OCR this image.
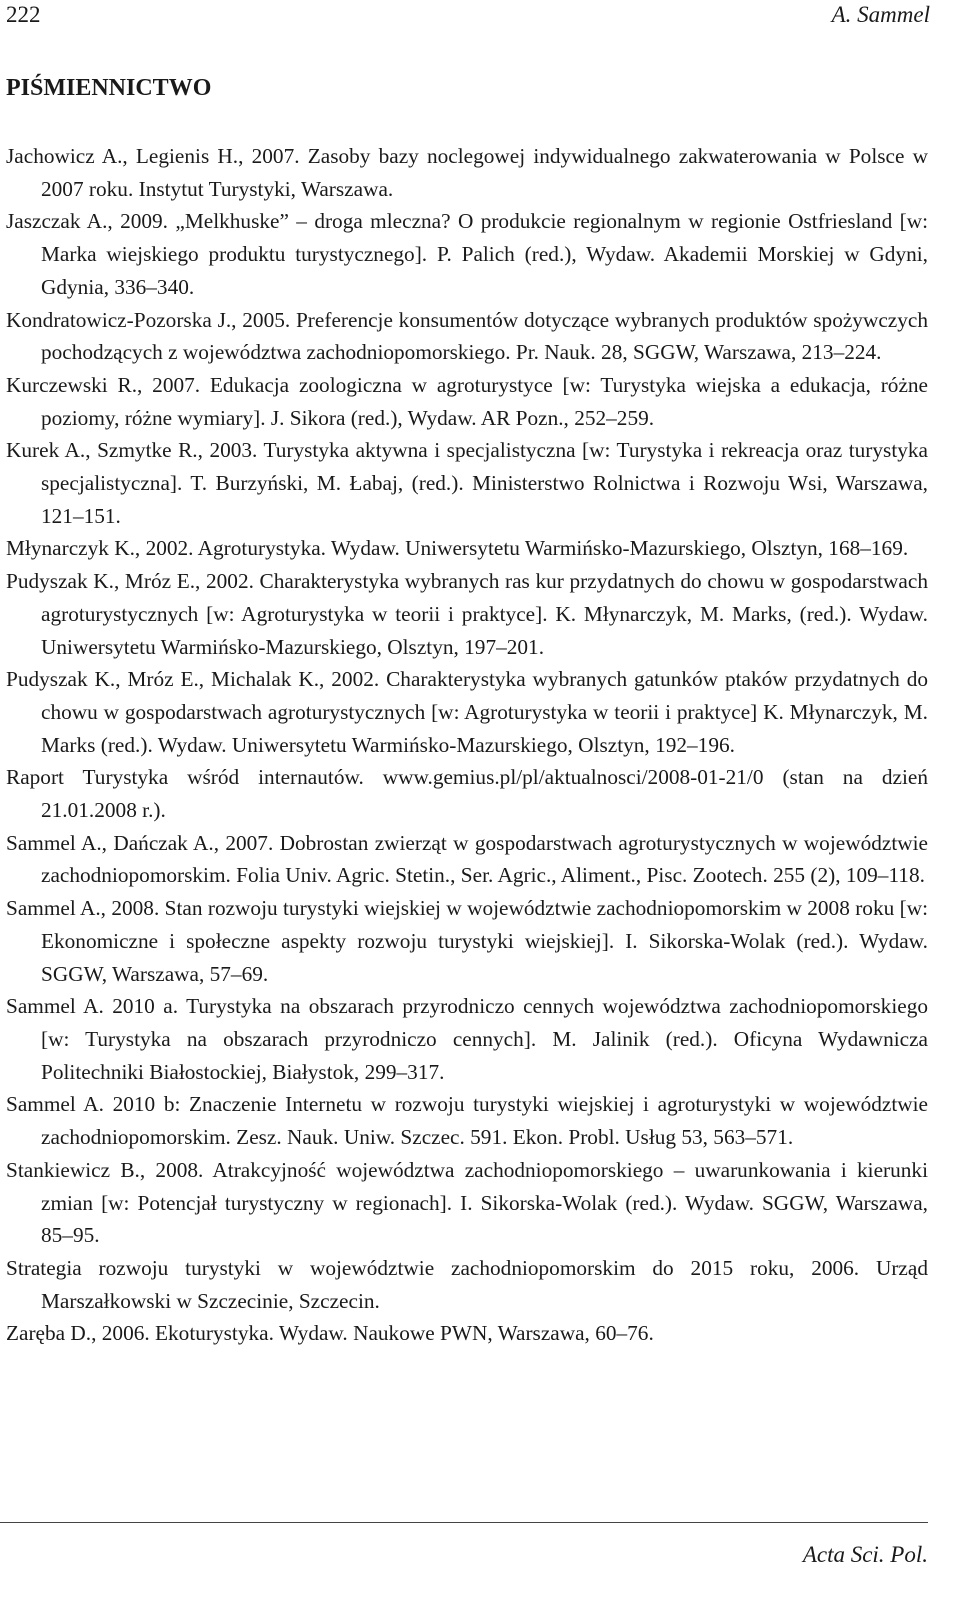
222	A. Sammel
PIŚMIENNICTWO
Jachowicz A., Legienis H., 2007. Zasoby bazy noclegowej indywidualnego zakwaterowania w Polsce w 2007 roku. Instytut Turystyki, Warszawa.
Jaszczak A., 2009. „Melkhuske” – droga mleczna? O produkcie regionalnym w regionie Ostfriesland [w: Marka wiejskiego produktu turystycznego]. P. Palich (red.), Wydaw. Akademii Morskiej w Gdyni, Gdynia, 336–340.
Kondratowicz-Pozorska J., 2005. Preferencje konsumentów dotyczące wybranych produktów spożywczych pochodzących z województwa zachodniopomorskiego. Pr. Nauk. 28, SGGW, Warszawa, 213–224.
Kurczewski R., 2007. Edukacja zoologiczna w agroturystyce [w: Turystyka wiejska a edukacja, różne poziomy, różne wymiary]. J. Sikora (red.), Wydaw. AR Pozn., 252–259.
Kurek A., Szmytke R., 2003. Turystyka aktywna i specjalistyczna [w: Turystyka i rekreacja oraz turystyka specjalistyczna]. T. Burzyński, M. Łabaj, (red.). Ministerstwo Rolnictwa i Rozwoju Wsi, Warszawa, 121–151.
Młynarczyk K., 2002. Agroturystyka. Wydaw. Uniwersytetu Warmińsko-Mazurskiego, Olsztyn, 168–169.
Pudyszak K., Mróz E., 2002. Charakterystyka wybranych ras kur przydatnych do chowu w gospodarstwach agroturystycznych [w: Agroturystyka w teorii i praktyce]. K. Młynarczyk, M. Marks, (red.). Wydaw. Uniwersytetu Warmińsko-Mazurskiego, Olsztyn, 197–201.
Pudyszak K., Mróz E., Michalak K., 2002. Charakterystyka wybranych gatunków ptaków przydatnych do chowu w gospodarstwach agroturystycznych [w: Agroturystyka w teorii i praktyce] K. Młynarczyk, M. Marks (red.). Wydaw. Uniwersytetu Warmińsko-Mazurskiego, Olsztyn, 192–196.
Raport Turystyka wśród internautów. www.gemius.pl/pl/aktualnosci/2008-01-21/0 (stan na dzień 21.01.2008 r.).
Sammel A., Dańczak A., 2007. Dobrostan zwierząt w gospodarstwach agroturystycznych w województwie zachodniopomorskim. Folia Univ. Agric. Stetin., Ser. Agric., Aliment., Pisc. Zootech. 255 (2), 109–118.
Sammel A., 2008. Stan rozwoju turystyki wiejskiej w województwie zachodniopomorskim w 2008 roku [w: Ekonomiczne i społeczne aspekty rozwoju turystyki wiejskiej]. I. Sikorska-Wolak (red.). Wydaw. SGGW, Warszawa, 57–69.
Sammel A. 2010 a. Turystyka na obszarach przyrodniczo cennych województwa zachodniopomorskiego [w: Turystyka na obszarach przyrodniczo cennych]. M. Jalinik (red.). Oficyna Wydawnicza Politechniki Białostockiej, Białystok, 299–317.
Sammel A. 2010 b: Znaczenie Internetu w rozwoju turystyki wiejskiej i agroturystyki w województwie zachodniopomorskim. Zesz. Nauk. Uniw. Szczec. 591. Ekon. Probl. Usług 53, 563–571.
Stankiewicz B., 2008. Atrakcyjność województwa zachodniopomorskiego – uwarunkowania i kierunki zmian [w: Potencjał turystyczny w regionach]. I. Sikorska-Wolak (red.). Wydaw. SGGW, Warszawa, 85–95.
Strategia rozwoju turystyki w województwie zachodniopomorskim do 2015 roku, 2006. Urząd Marszałkowski w Szczecinie, Szczecin.
Zaręba D., 2006. Ekoturystyka. Wydaw. Naukowe PWN, Warszawa, 60–76.
Acta Sci. Pol.
